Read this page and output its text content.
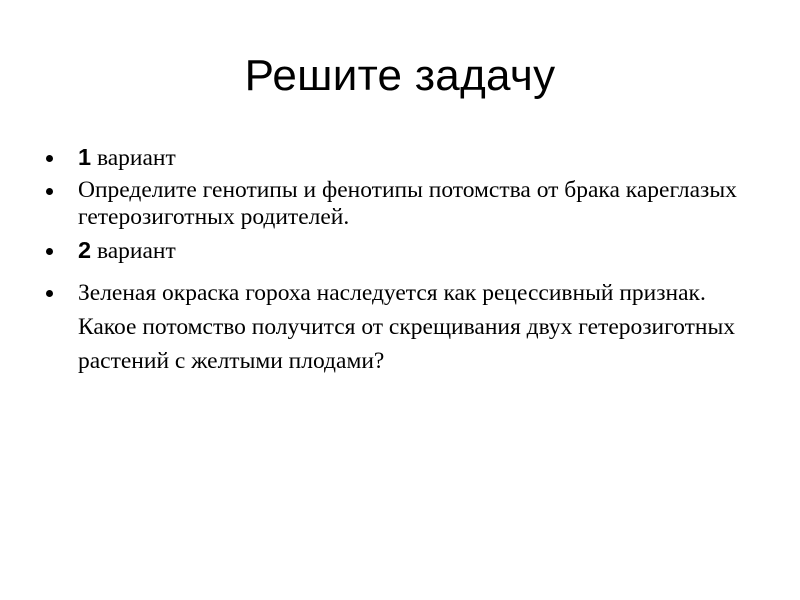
Решите задачу
1 вариант
Определите генотипы и фенотипы потомства от брака кареглазых гетерозиготных родителей.
2 вариант
Зеленая окраска гороха наследуется как рецессивный признак. Какое потомство получится от скрещивания двух гетерозиготных растений с желтыми плодами?
